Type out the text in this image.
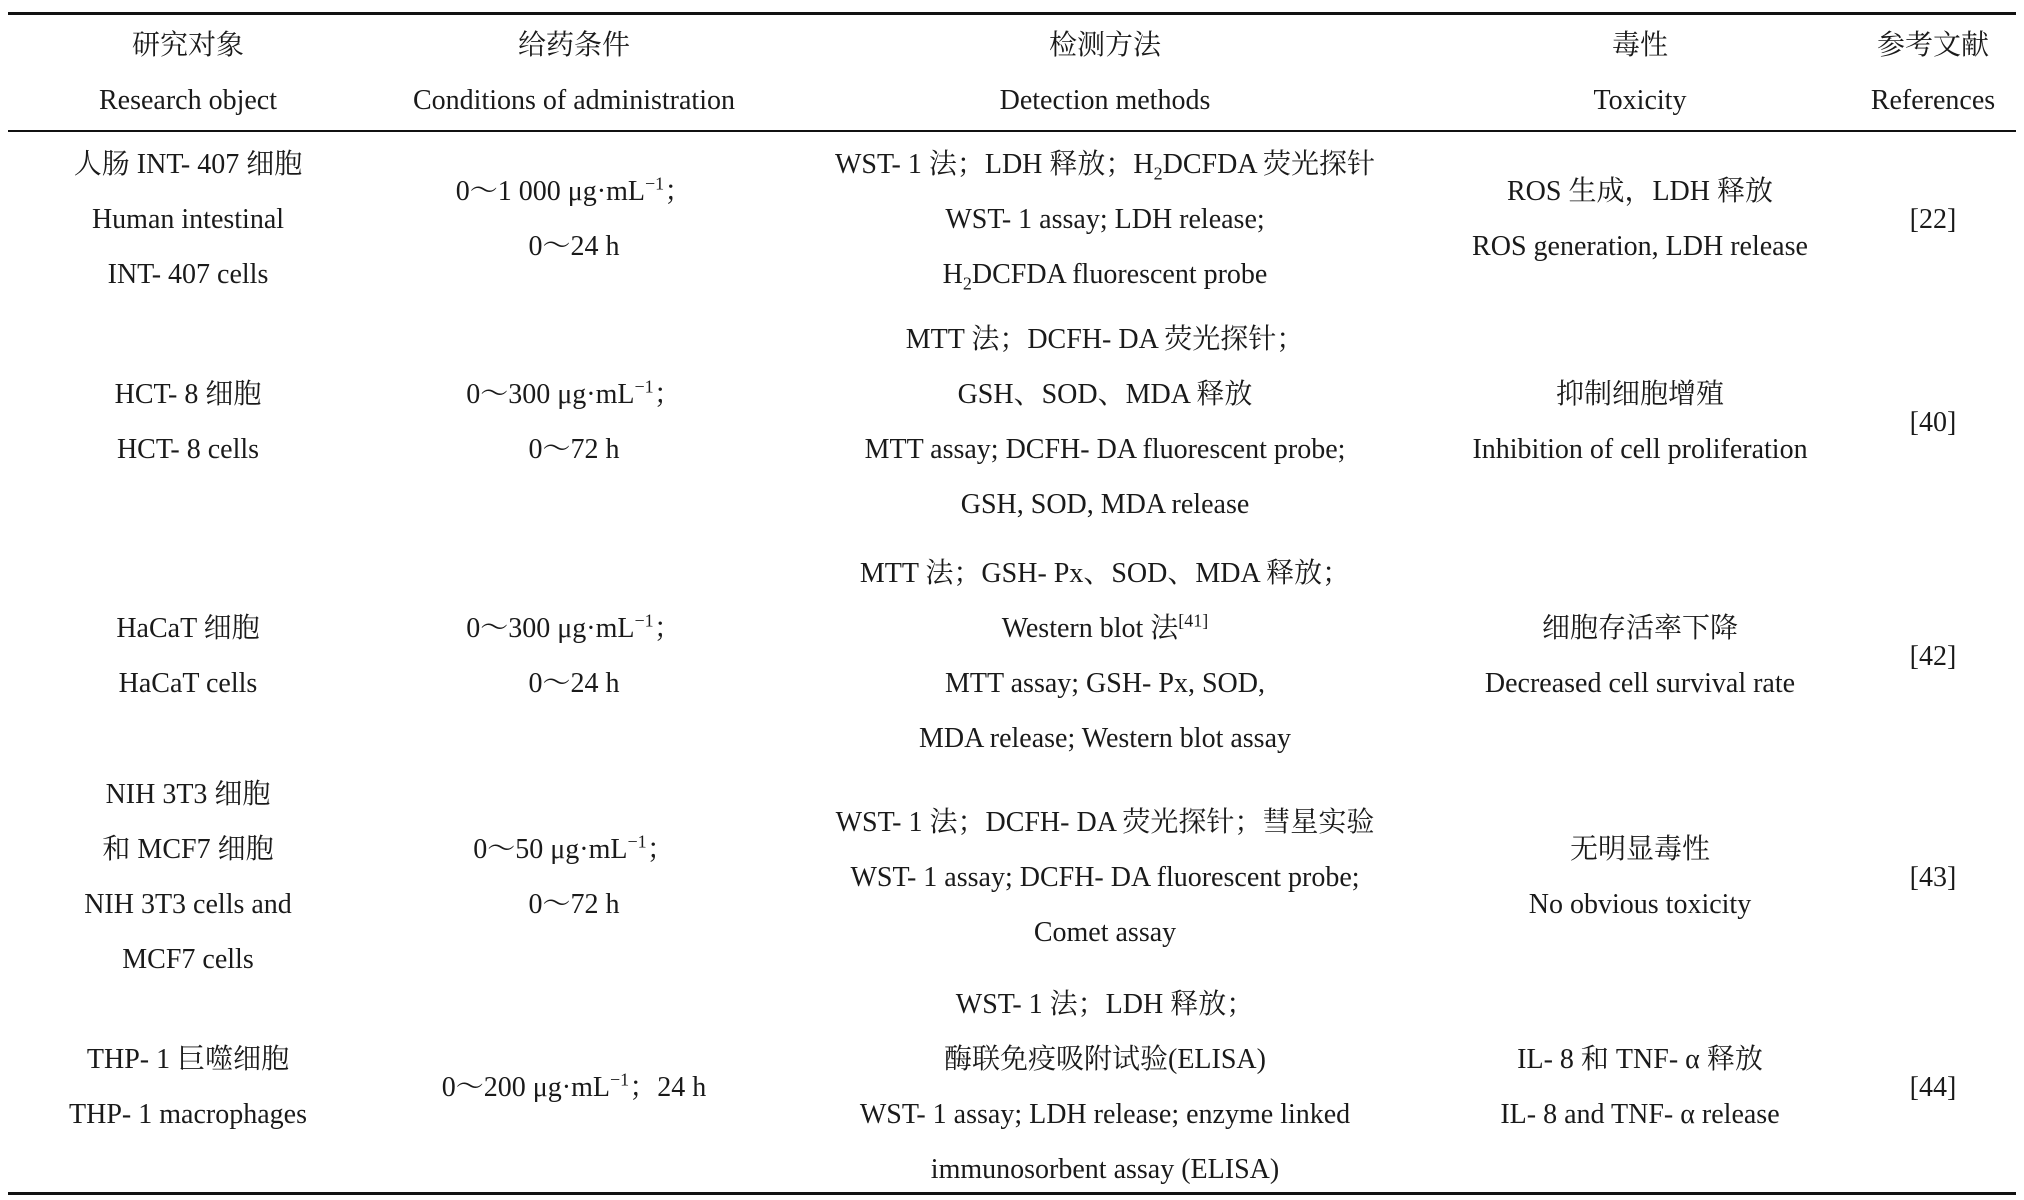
研究对象
Research object
给药条件
Conditions of administration
检测方法
Detection methods
毒性
Toxicity
参考文献
References
人肠 INT- 407 细胞
Human intestinal
INT- 407 cells
0～1 000 $\mu g\cdot mL^{-1}$；
0～24 h
WST- 1 法；LDH 释放；$H_2DCFDA$ 荧光探针
WST- 1 assay; LDH release;
$H_2DCFDA$ fluorescent probe
ROS 生成，LDH 释放
ROS generation, LDH release
[22]
HCT- 8 细胞
HCT- 8 cells
0～300 $\mu g\cdot mL^{-1}$；
0～72 h
MTT 法；DCFH- DA 荧光探针；
GSH、SOD、MDA 释放
MTT assay; DCFH- DA fluorescent probe;
GSH, SOD, MDA release
抑制细胞增殖
Inhibition of cell proliferation
[40]
HaCaT 细胞
HaCaT cells
0～300 $\mu g\cdot mL^{-1}$；
0～24 h
MTT 法；GSH- Px、SOD、MDA 释放；
Western blot 法[41]
MTT assay; GSH- Px, SOD,
MDA release; Western blot assay
细胞存活率下降
Decreased cell survival rate
[42]
NIH 3T3 细胞
和 MCF7 细胞
NIH 3T3 cells and
MCF7 cells
0～50 $\mu g\cdot mL^{-1}$；
0～72 h
WST- 1 法；DCFH- DA 荧光探针；彗星实验
WST- 1 assay; DCFH- DA fluorescent probe;
Comet assay
无明显毒性
No obvious toxicity
[43]
THP- 1 巨噬细胞
THP- 1 macrophages
0～200 $\mu g\cdot mL^{-1}$；24 h
WST- 1 法；LDH 释放；
酶联免疫吸附试验(ELISA)
WST- 1 assay; LDH release; enzyme linked
immunosorbent assay (ELISA)
IL- 8 和 TNF- α 释放
IL- 8 and TNF- α release
[44]
